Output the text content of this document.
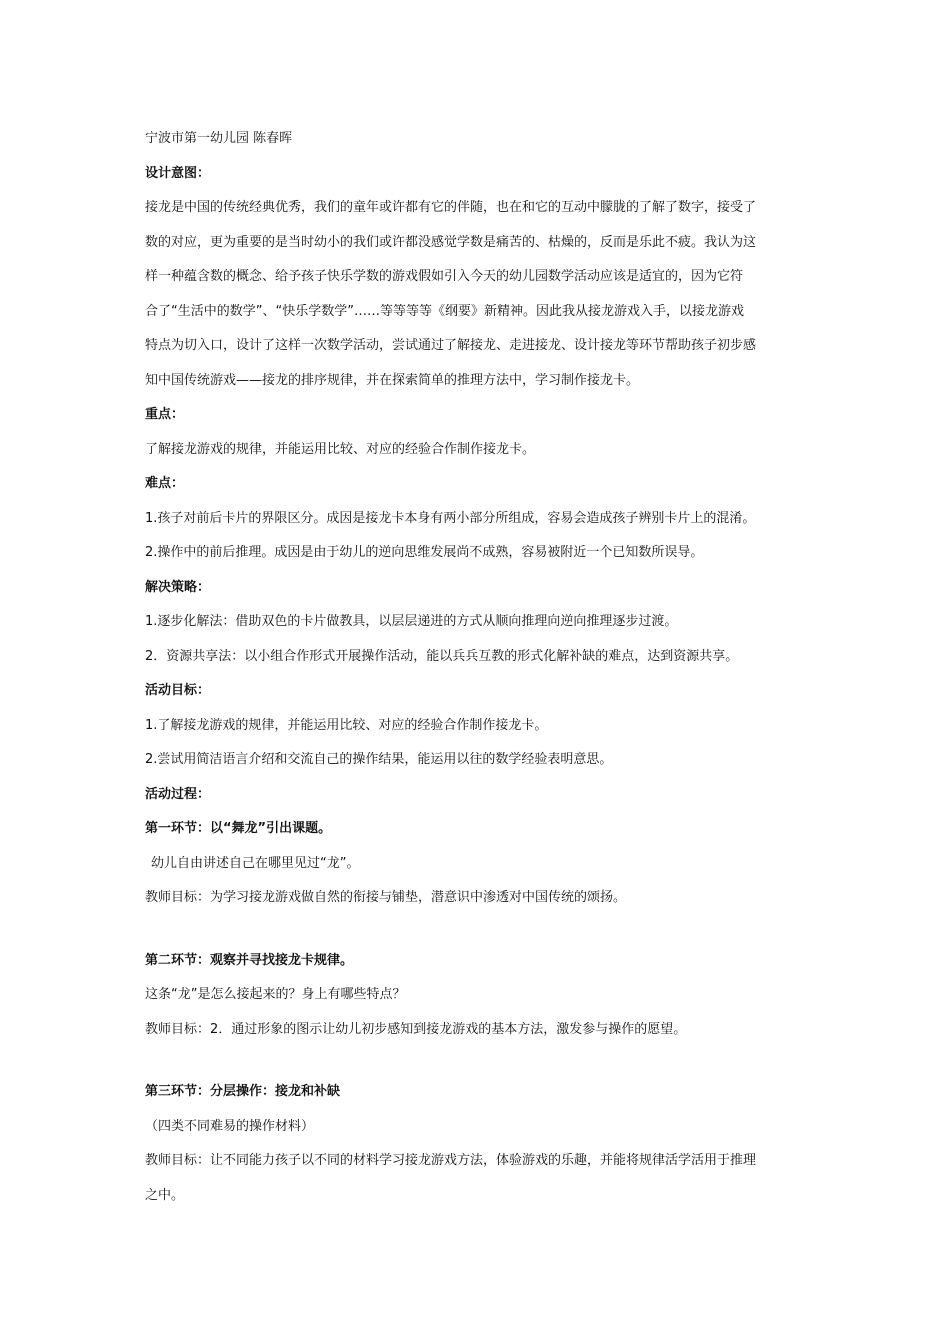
宁波市第一幼儿园 陈春晖
设计意图：
接龙是中国的传统经典优秀，我们的童年或许都有它的伴随，也在和它的互动中朦胧的了解了数字，接受了
数的对应，更为重要的是当时幼小的我们或许都没感觉学数是痛苦的、枯燥的，反而是乐此不疲。我认为这
样一种蕴含数的概念、给予孩子快乐学数的游戏假如引入今天的幼儿园数学活动应该是适宜的，因为它符
合了“生活中的数学”、“快乐学数学”……等等等等《纲要》新精神。因此我从接龙游戏入手，以接龙游戏
特点为切入口，设计了这样一次数学活动，尝试通过了解接龙、走进接龙、设计接龙等环节帮助孩子初步感
知中国传统游戏——接龙的排序规律，并在探索简单的推理方法中，学习制作接龙卡。
重点：
了解接龙游戏的规律，并能运用比较、对应的经验合作制作接龙卡。
难点：
1.孩子对前后卡片的界限区分。成因是接龙卡本身有两小部分所组成，容易会造成孩子辨别卡片上的混淆。
2.操作中的前后推理。成因是由于幼儿的逆向思维发展尚不成熟，容易被附近一个已知数所误导。
解决策略：
1.逐步化解法：借助双色的卡片做教具，以层层递进的方式从顺向推理向逆向推理逐步过渡。
2．资源共享法：以小组合作形式开展操作活动，能以兵兵互教的形式化解补缺的难点，达到资源共享。
活动目标：
1.了解接龙游戏的规律，并能运用比较、对应的经验合作制作接龙卡。
2.尝试用简洁语言介绍和交流自己的操作结果，能运用以往的数学经验表明意思。
活动过程：
第一环节：以“舞龙”引出课题。
幼儿自由讲述自己在哪里见过“龙”。
教师目标：为学习接龙游戏做自然的衔接与铺垫，潜意识中渗透对中国传统的颂扬。
第二环节：观察并寻找接龙卡规律。
这条“龙”是怎么接起来的？身上有哪些特点？
教师目标：2．通过形象的图示让幼儿初步感知到接龙游戏的基本方法，激发参与操作的愿望。
第三环节：分层操作：接龙和补缺
（四类不同难易的操作材料）
教师目标：让不同能力孩子以不同的材料学习接龙游戏方法，体验游戏的乐趣，并能将规律活学活用于推理
之中。
